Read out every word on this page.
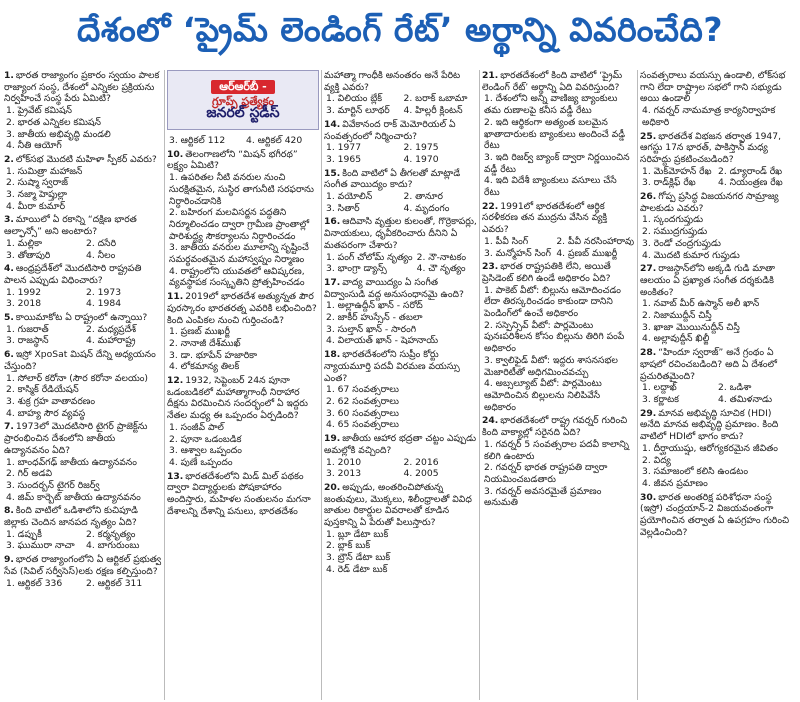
దేశంలో ‘ప్రైమ్ లెండింగ్ రేట్’ అర్థాన్ని వివరించేది?
1. భారత రాజ్యాంగం ప్రకారం స్వయం పాలక రాజ్యాంగ సంస్థ, దేశంలో ఎన్నికల ప్రక్రియను నిర్వహించే సంస్థ పేరు ఏమిటి?
1. ప్రైవేట్ కమిషన్
2. భారత ఎన్నికల కమిషన్
3. జాతీయ అభివృద్ధి మండలి
4. నీతి ఆయోగ్
2. లోక్‌సభ మొదటి మహిళా స్పీకర్ ఎవరు?
1. సుమిత్రా మహాజన్
2. సుష్మా స్వరాజ్
3. నజ్మా హెప్తుల్లా
4. మీరా కుమార్
3. మాయిలో ఏ రకాన్ని “దక్షిణ భారత ఆల్ఫాన్సో” అని అంటారు?
1. మల్లికా	2. దసేరి
3. తోతాపురి	4. నీలం
4. ఆంధ్రప్రదేశ్‌లో మొదటిసారి రాష్ట్రపతి పాలన ఎప్పుడు విధించారు?
1. 1992	2. 1973
3. 2018	4. 1984
5. కాయిమాకోట ఏ రాష్ట్రంలో ఉన్నాయి?
1. గుజరాత్	2. మధ్యప్రదేశ్
3. రాజస్థాన్	4. మహారాష్ట్ర
6. ఇస్రో XpoSat మిషన్ దేన్ని అధ్యయనం చేస్తుంది?
1. సోలార్ కరోనా (సౌర కరోనా వలయం)
2. కాస్మిక్ రేడియేషన్
3. శుక్ర గ్రహ వాతావరణం
4. బాహ్య సౌర వ్యవస్థ
7. 1973లో మొదటిసారి టైగర్ ప్రాజెక్ట్‌ను ప్రారంభించిన దేశంలోని జాతీయ ఉద్యానవనం ఏది?
1. బాంధవ్‌గఢ్ జాతీయ ఉద్యానవనం
2. గిర్ అడవి
3. సుందర్బన్ టైగర్ రిజర్వ్
4. జిమ్ కార్బెట్ జాతీయ ఉద్యానవనం
8. కింది వాటిలో ఒడిశాలోని కుచిపూడి జిల్లాకు చెందిన జానపద నృత్యం ఏది?
1. డప్పుకీ	2. కర్మనృత్యం
3. ఘుమురా నాచా	4. బాగురుంబు
9. భారత రాజ్యాంగంలోని ఏ ఆర్టికల్ ప్రభుత్వ సేవ (సివిల్ సర్వీసెస్)లకు రక్షణ కల్పిస్తుంది?
1. ఆర్టికల్ 336	2. ఆర్టికల్ 311
ఆర్‌ఆర్‌బీ -
గ్రూప్స్ ప్రత్యేకం
జనరల్ స్టడీస్
3. ఆర్టికల్ 112	4. ఆర్టికల్ 420
10. తెలంగాణలోని “మిషన్ భగీరథ” లక్ష్యం ఏమిటి?
1. ఉపరితల నీటి వనరుల నుంచి సురక్షితమైన, సుస్థిర తాగునీటి సరఫరాను నిర్ధారించడానికి
2. బహిరంగ మలవిసర్జన పద్ధతిని నిర్మూలించడం ద్వారా గ్రామీణ ప్రాంతాల్లో పారిశుద్ధ్య సౌకర్యాలను నిర్ధారించడం
3. జాతీయ వనరుల మూలాన్ని సృష్టించే సమర్థవంతమైన మహాస్వప్నం నిర్మాణం
4. రాష్ట్రంలోని యువతలో ఆవిష్కరణ, వ్యవస్థాపక సంస్కృతిని ప్రోత్సహించడం
11. 2019లో భారతదేశ అత్యున్నత పౌర పురస్కారం భారతరత్న ఎవరికి లభించింది? కింది ఎంపికల నుంచి గుర్తించండి?
1. ప్రణబ్ ముఖర్జీ
2. నానాజీ దేశ్‌ముఖ్
3. డా. భూపేన్ హజారికా
4. లోకమాన్య తిలక్
12. 1932, సెప్టెంబర్ 24న పూనా ఒడంబడికలో మహాత్మాగాంధీ నిరాహార దీక్షను విరమించిన సందర్భంలో ఏ ఇద్దరు నేతల మధ్య ఈ ఒప్పందం ఏర్పడింది?
1. సంజీవ్ పాల్
2. పూనా ఒడంబడిక
3. ఆశ్వాల ఒప్పందం
4. పుణే ఒప్పందం
13. భారతదేశంలోని మిడ్ మిల్ పథకం ద్వారా విద్యార్థులకు పోషకాహారం అందిస్తారు, మహిళల సంతులనం మగనా దేశాలన్ని దేశాన్ని పనులు, భారతదేశం
మహాత్మా గాంధీకి అనంతరం అనే పేరిట వ్యక్తి ఎవరు?
1. విలియం బ్లేక్	2. బరాక్ ఒబామా
3. మార్టిన్ లూథర్	4. హిల్లరీ క్లింటన్
14. వివేకానంద రాక్ మెమోరియల్‌ ఏ సంవత్సరంలో నిర్మించారు?
1. 1977	2. 1975
3. 1965	4. 1970
15. కింది వాటిలో ఏ తీగలతో మాట్లాడే సంగీత వాయిద్యం కాదు?
1. వయోలిన్	2. తానూర
3. సితార్	4. మృదంగం
16. ఆదివాసి వృత్తుల కులంతో, గొర్రెకాపర్లు, వినాయకులు, ధృవీకరించారు దీనిని ఏ మతపరంగా చేశారు?
1. పంగ్ చోలోమ్ నృత్యం 2. నౌ-నాటకం
3. భాంగ్రా డ్యాన్స్	4. చౌ నృత్యం
17. వాద్య వాయిద్యం ఏ సంగీత విద్వాంసుడి వద్ద అనుసంధానమై ఉంది?
1. అల్లాఉద్దీన్ ఖాన్ - సరోద్
2. జాకీర్ హుస్సేన్ - తబలా
3. సుల్తాన్ ఖాన్ - సారంగి
4. విలాయత్ ఖాన్ - షెహనాయ్
18. భారతదేశంలోని సుప్రీం కోర్టు న్యాయమూర్తి పదవీ విరమణ వయస్సు ఎంత?
1. 67 సంవత్సరాలు
2. 62 సంవత్సరాలు
3. 60 సంవత్సరాలు
4. 65 సంవత్సరాలు
19. జాతీయ ఆహార భద్రతా చట్టం ఎప్పుడు అమల్లోకి వచ్చింది?
1. 2010	2. 2016
3. 2013	4. 2005
20. అప్పుడు, అంతరించిపోతున్న జంతువులు, మొక్కలు, శిలీంధ్రాలతో వివిధ జాతుల రికార్డుల వివరాలతో కూడిన పుస్తకాన్ని ఏ పేరుతో పిలుస్తారు?
1. బ్లూ డేటా బుక్
2. బ్లాక్ బుక్
3. బ్రౌన్ డేటా బుక్
4. రెడ్ డేటా బుక్
21. భారతదేశంలో కింది వాటిలో ‘ప్రైమ్ లెండింగ్ రేట్’ అర్థాన్ని ఏది వివరిస్తుంది?
1. దేశంలోని అన్ని వాణిజ్య బ్యాంకులు తమ రుణాలపై కనీస వడ్డీ రేటు
2. ఇది ఆర్థికంగా అత్యంత బలమైన ఖాతాదారులకు బ్యాంకులు అందించే వడ్డీ రేటు
3. ఇది రిజర్వ్ బ్యాంక్ ద్వారా నిర్ణయించిన వడ్డీ రేటు
4. ఇది విదేశీ బ్యాంకులు వసూలు చేసే రేటు
22. 1991లో భారతదేశంలో ఆర్థిక సరళీకరణ తన ముద్రను వేసిన వ్యక్తి ఎవరు?
1. పీవీ సింగ్	2. పీవీ నరసింహారావు
3. మన్మోహన్ సింగ్ 4. ప్రణబ్ ముఖర్జీ
23. భారత రాష్ట్రపతికి లేని, అయితే ప్రెసిడెంట్ కలిగి ఉండే అధికారం ఏది?
1. పాకెట్ వీటో: బిల్లును ఆమోదించడం లేదా తిరస్కరించడం కాకుండా దానిని పెండింగ్‌లో ఉంచే అధికారం
2. సస్పెన్సివ్ వీటో: పార్లమెంటు పునఃపరిశీలన కోసం బిల్లును తిరిగి పంపే అధికారం
3. క్వాలిఫైడ్ వీటో: ఇద్దరు శాసనసభల మెజారిటీతో అధిగమించవచ్చు
4. అబ్సల్యూట్ వీటో: పార్లమెంటు ఆమోదించిన బిల్లులను నిలిపివేసే అధికారం
24. భారతదేశంలో రాష్ట్ర గవర్నర్ గురించి కింది వాక్యాల్లో సరైనది ఏది?
1. గవర్నర్ 5 సంవత్సరాల పదవీ కాలాన్ని కలిగి ఉంటారు
2. గవర్నర్ భారత రాష్ట్రపతి ద్వారా నియమించబడతారు
3. గవర్నర్ అవసరమైతే ప్రమాణం అనుమతి
సంవత్సరాలు వయస్సు ఉండాలి, లోక్‌సభ గాని లేదా రాష్ట్రాల సభలో గాని సభ్యుడు అయి ఉండాలి
4. గవర్నర్ నామమాత్ర కార్యనిర్వాహక అధికారి
25. భారతదేశ విభజన తర్వాత 1947, ఆగస్టు 17న భారత్, పాకిస్తాన్ మధ్య సరిహద్దు ప్రకటించబడింది?
1. మెక్‌మోహన్ రేఖ 2. డ్యూరాండ్ రేఖ
3. రాడ్‌క్లిఫ్ రేఖ	4. నియంత్రణ రేఖ
26. గోప్ప ప్రసిద్ధ విజయనగర సామ్రాజ్య పాలకుడు ఎవరు?
1. స్కందగుప్తుడు
2. సముద్రగుప్తుడు
3. రెండో చంద్రగుప్తుడు
4. మొదటి కుమార గుప్తుడు
27. రాజస్థాన్‌లోని అక్కడి గుడి మాతా ఆలయం ఏ ప్రఖ్యాత సంగీత దర్శకుడికి అంకితం?
1. నవాబ్ మీర్ ఉస్మాన్ అలీ ఖాన్
2. నిజాముద్దీన్ చిస్తీ
3. ఖాజా మొయినుద్దీన్ చిస్తీ
4. అల్లావుద్దీన్ ఖిల్జీ
28. “హిందూ స్వరాజ్” అనే గ్రంథం ఏ భాషలో రచించబడింది? అది ఏ దేశంలో ప్రచురితమైంది?
1. లద్దాఖ్	2. ఒడిశా
3. కర్ణాటక	4. తమిళనాడు
29. మానవ అభివృద్ధి సూచిక (HDI) అనేది మానవ అభివృద్ధి ప్రమాణం. కింది వాటిలో HDIలో భాగం కాదు?
1. దీర్ఘాయుష్షు, ఆరోగ్యకరమైన జీవితం
2. విద్య
3. సమాజంలో కలిసి ఉండటం
4. జీవన ప్రమాణం
30. భారత అంతరిక్ష పరిశోధనా సంస్థ (ఇస్రో) చంద్రయాన్-2 విజయవంతంగా ప్రయోగించిన తర్వాత ఏ ఉపగ్రహం గురించి వెల్లడించింది?
